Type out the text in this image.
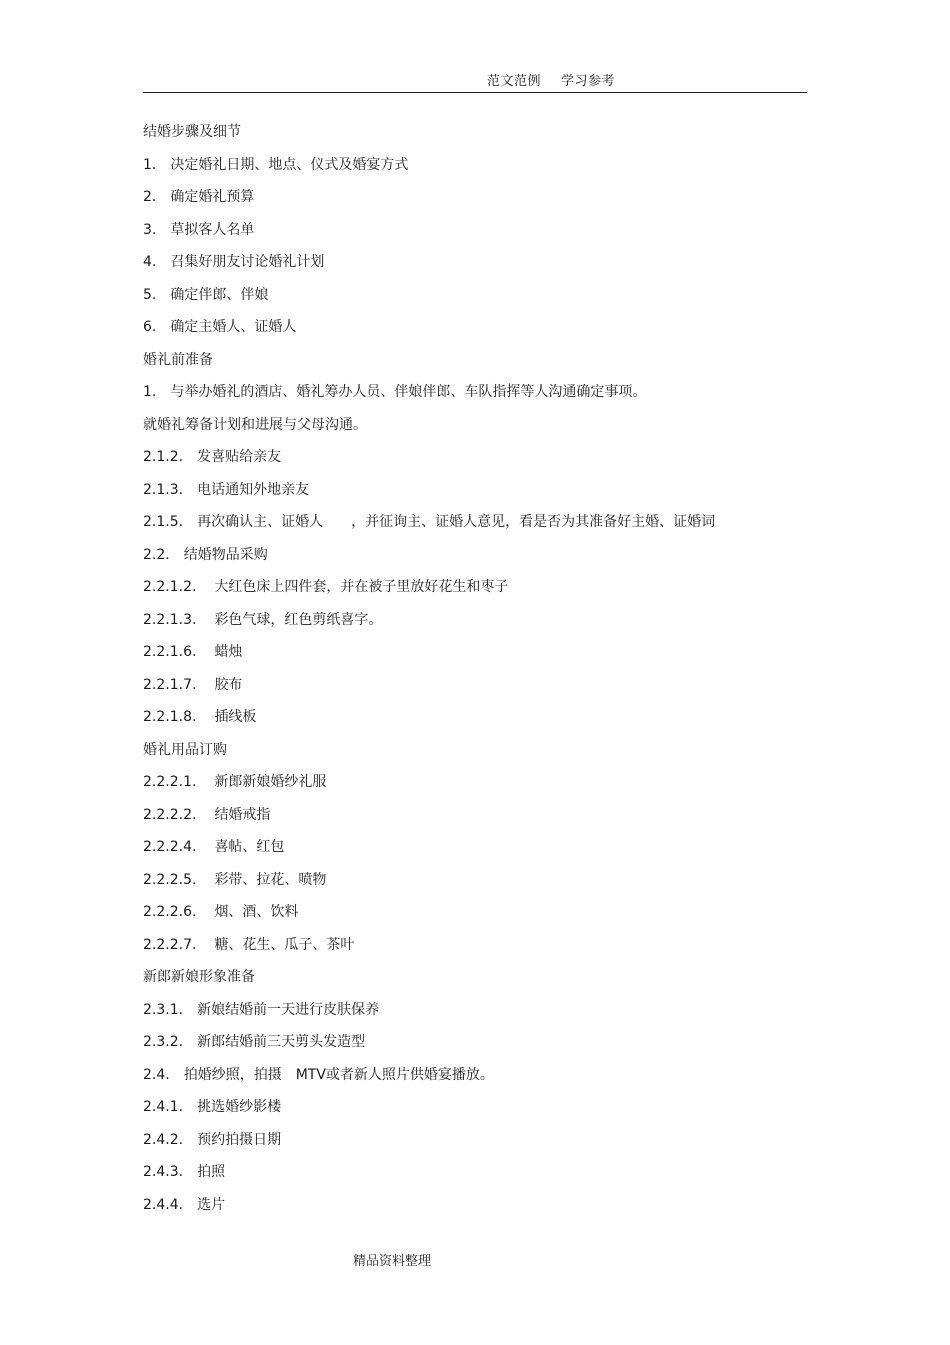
范文范例 学习参考
结婚步骤及细节
1. 决定婚礼日期、地点、仪式及婚宴方式
2. 确定婚礼预算
3. 草拟客人名单
4. 召集好朋友讨论婚礼计划
5. 确定伴郎、伴娘
6. 确定主婚人、证婚人
婚礼前准备
1. 与举办婚礼的酒店、婚礼筹办人员、伴娘伴郎、车队指挥等人沟通确定事项。
就婚礼筹备计划和进展与父母沟通。
2.1.2. 发喜贴给亲友
2.1.3. 电话通知外地亲友
2.1.5. 再次确认主、证婚人　　，并征询主、证婚人意见，看是否为其准备好主婚、证婚词
2.2. 结婚物品采购
2.2.1.2. 大红色床上四件套，并在被子里放好花生和枣子
2.2.1.3. 彩色气球，红色剪纸喜字。
2.2.1.6. 蜡烛
2.2.1.7. 胶布
2.2.1.8. 插线板
婚礼用品订购
2.2.2.1. 新郎新娘婚纱礼服
2.2.2.2. 结婚戒指
2.2.2.4. 喜帖、红包
2.2.2.5. 彩带、拉花、喷物
2.2.2.6. 烟、酒、饮料
2.2.2.7. 糖、花生、瓜子、茶叶
新郎新娘形象准备
2.3.1. 新娘结婚前一天进行皮肤保养
2.3.2. 新郎结婚前三天剪头发造型
2.4. 拍婚纱照，拍摄　MTV或者新人照片供婚宴播放。
2.4.1. 挑选婚纱影楼
2.4.2. 预约拍摄日期
2.4.3. 拍照
2.4.4. 选片
精品资料整理
